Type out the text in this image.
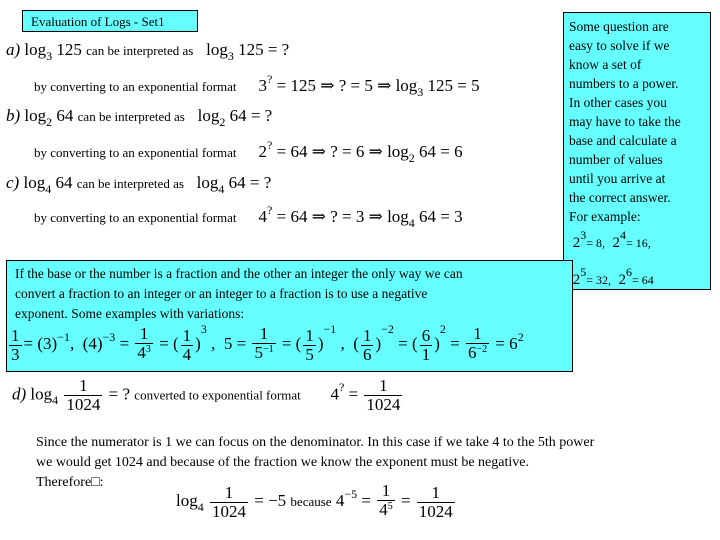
Evaluation of Logs - Set1
a) $\log_3 125$ can be interpreted as $\log_3 125$ = ?
by converting to an exponential format 3? = 125 ⇒ ? = 5 ⇒ $\log_3 125 = 5$
b) $\log_2 64$ can be interpreted as $\log_2 64$ = ?
by converting to an exponential format 2? = 64 ⇒ ? = 6 ⇒ $\log_2 64 = 6$
c) $\log_4 64$ can be interpreted as $\log_4 64$ = ?
by converting to an exponential format 4? = 64 ⇒ ? = 3 ⇒ $\log_4 64 = 3$
Some question are
easy to solve if we
know a set of
numbers to a power.
In other cases you
may have to take the
base and calculate a
number of values
until you arrive at
the correct answer.
For example:
$2^3= 8$, $2^4= 16$,
$2^5= 32$, $2^6= 64$
If the base or the number is a fraction and the other an integer the only way we can
convert a fraction to an integer or an integer to a fraction is to use a negative
exponent. Some examples with variations:
$\frac{1}{3} = (3)^{-1}$, $(4)^{-3} = \frac{1}{4^3}$ = ( $\frac{1}{4} )^3$ , $5 = \frac{1}{5^{-1}}$ = ( $\frac{1}{5} )^{-1}$ , ( $\frac{1}{6} )^{-2}$ = ( $\frac{6}{1} )^2 = \frac{1}{6^{-2}} = 6^2$
d) $\log_4 \frac{1}{1024}$ = ? converted to exponential format $4^? = \frac{1}{1024}$
Since the numerator is 1 we can focus on the denominator. In this case if we take 4 to the 5th power
we would get 1024 and because of the fraction we know the exponent must be negative.
Therefore□:
$\log_4 \frac{1}{1024} = -5$ because $4^{-5} = \frac{1}{4^5} = \frac{1}{1024}$
